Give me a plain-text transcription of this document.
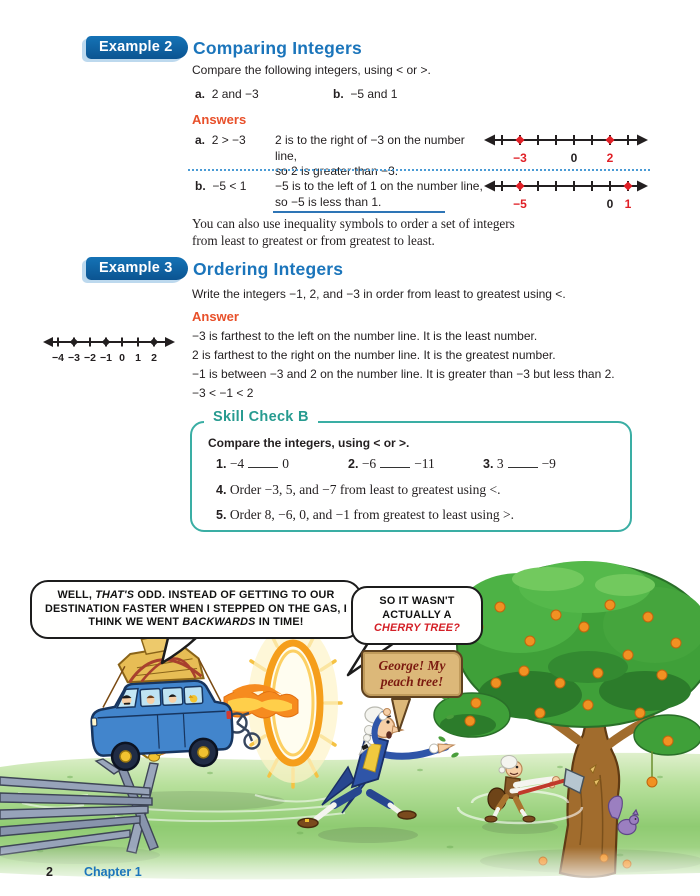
Example 2	Comparing Integers
Compare the following integers, using < or >.
a. 2 and −3	b. −5 and 1
Answers
a. 2 > −3 2 is to the right of −3 on the number line,
so 2 is greater than −3.
−3	0 2
b. −5 < 1 −5 is to the left of 1 on the number line,
so −5 is less than 1.	−5	0 1
You can also use inequality symbols to order a set of integers from least to greatest or from greatest to least.
Example 3	Ordering Integers
Write the integers −1, 2, and −3 in order from least to greatest using <.
Answer
−3 is farthest to the left on the number line. It is the least number.
2 is farthest to the right on the number line. It is the greatest number.
−1 is between −3 and 2 on the number line. It is greater than −3 but less than 2.
−3 < −1 < 2
−4 −3 −2 −1 0 1 2
Skill Check B
Compare the integers, using < or >.
1. −4	0	2. −6	−11	3. 3	−9
4. Order −3, 5, and −7 from least to greatest using <.
5. Order 8, −6, 0, and −1 from greatest to least using >.
WELL, THAT'S ODD. INSTEAD OF GETTING TO OUR DESTINATION FASTER WHEN I STEPPED ON THE GAS, I THINK WE WENT BACKWARDS IN TIME!
SO IT WASN'T ACTUALLY A CHERRY TREE?
George! My
peach tree!
2 Chapter 1
